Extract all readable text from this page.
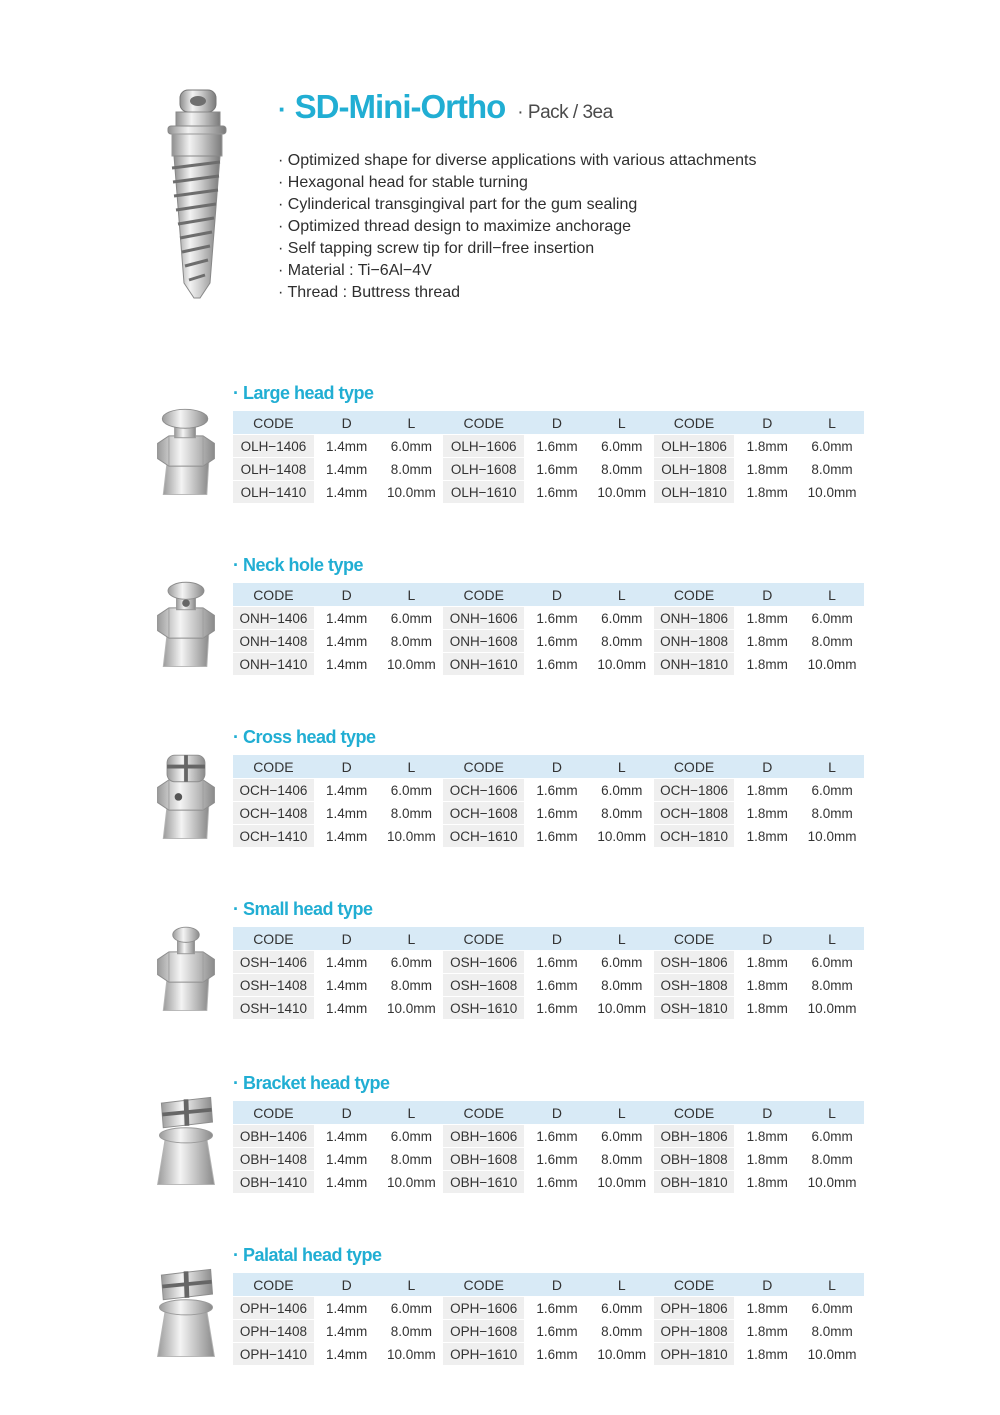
· SD-Mini-Ortho · Pack / 3ea
· Optimized shape for diverse applications with various attachments
· Hexagonal head for stable turning
· Cylinderical transgingival part for the gum sealing
· Optimized thread design to maximize anchorage
· Self tapping screw tip for drill−free insertion
· Material : Ti−6Al−4V
· Thread : Buttress thread
· Large head type
CODE	D	L	CODE	D	L	CODE	D	L
OLH−1406	1.4mm	6.0mm	OLH−1606	1.6mm	6.0mm	OLH−1806	1.8mm	6.0mm
OLH−1408	1.4mm	8.0mm	OLH−1608	1.6mm	8.0mm	OLH−1808	1.8mm	8.0mm
OLH−1410	1.4mm	10.0mm	OLH−1610	1.6mm	10.0mm	OLH−1810	1.8mm	10.0mm
· Neck hole type
CODE	D	L	CODE	D	L	CODE	D	L
ONH−1406	1.4mm	6.0mm	ONH−1606	1.6mm	6.0mm	ONH−1806	1.8mm	6.0mm
ONH−1408	1.4mm	8.0mm	ONH−1608	1.6mm	8.0mm	ONH−1808	1.8mm	8.0mm
ONH−1410	1.4mm	10.0mm	ONH−1610	1.6mm	10.0mm	ONH−1810	1.8mm	10.0mm
· Cross head type
CODE	D	L	CODE	D	L	CODE	D	L
OCH−1406	1.4mm	6.0mm	OCH−1606	1.6mm	6.0mm	OCH−1806	1.8mm	6.0mm
OCH−1408	1.4mm	8.0mm	OCH−1608	1.6mm	8.0mm	OCH−1808	1.8mm	8.0mm
OCH−1410	1.4mm	10.0mm	OCH−1610	1.6mm	10.0mm	OCH−1810	1.8mm	10.0mm
· Small head type
CODE	D	L	CODE	D	L	CODE	D	L
OSH−1406	1.4mm	6.0mm	OSH−1606	1.6mm	6.0mm	OSH−1806	1.8mm	6.0mm
OSH−1408	1.4mm	8.0mm	OSH−1608	1.6mm	8.0mm	OSH−1808	1.8mm	8.0mm
OSH−1410	1.4mm	10.0mm	OSH−1610	1.6mm	10.0mm	OSH−1810	1.8mm	10.0mm
· Bracket head type
CODE	D	L	CODE	D	L	CODE	D	L
OBH−1406	1.4mm	6.0mm	OBH−1606	1.6mm	6.0mm	OBH−1806	1.8mm	6.0mm
OBH−1408	1.4mm	8.0mm	OBH−1608	1.6mm	8.0mm	OBH−1808	1.8mm	8.0mm
OBH−1410	1.4mm	10.0mm	OBH−1610	1.6mm	10.0mm	OBH−1810	1.8mm	10.0mm
· Palatal head type
CODE	D	L	CODE	D	L	CODE	D	L
OPH−1406	1.4mm	6.0mm	OPH−1606	1.6mm	6.0mm	OPH−1806	1.8mm	6.0mm
OPH−1408	1.4mm	8.0mm	OPH−1608	1.6mm	8.0mm	OPH−1808	1.8mm	8.0mm
OPH−1410	1.4mm	10.0mm	OPH−1610	1.6mm	10.0mm	OPH−1810	1.8mm	10.0mm
